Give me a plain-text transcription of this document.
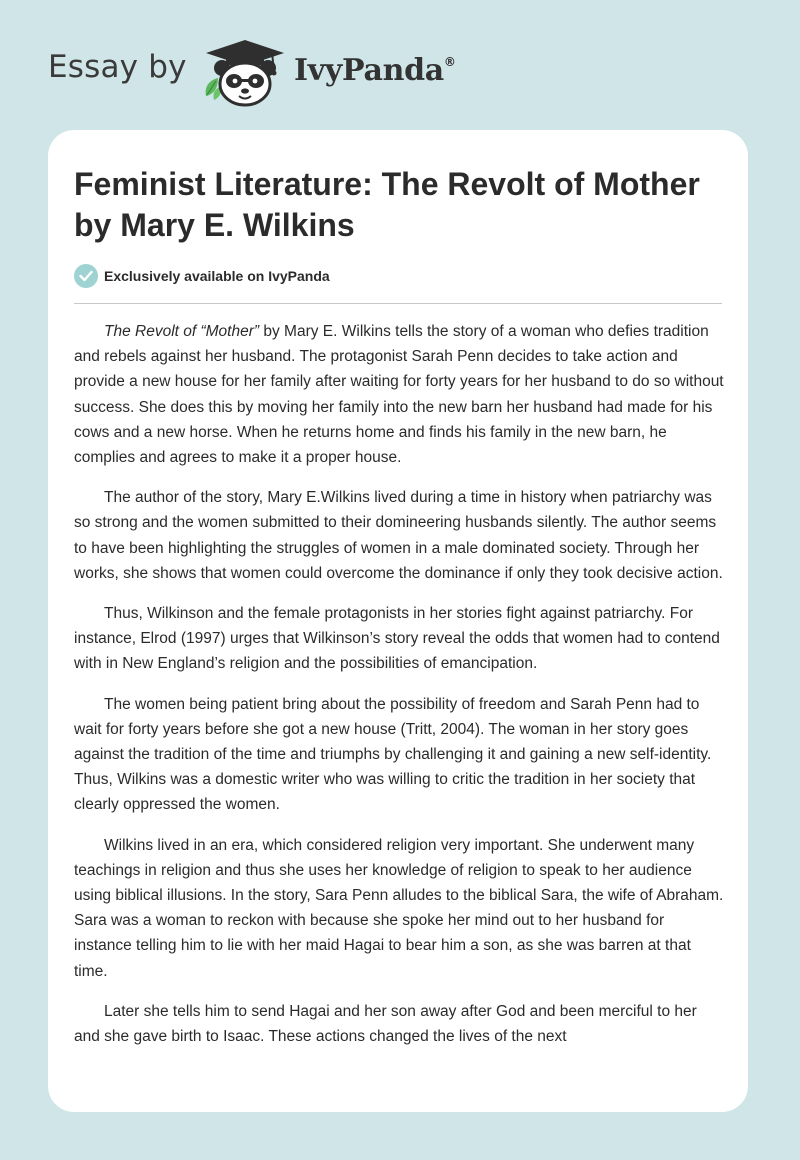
Essay by	IvyPanda®
Feminist Literature: The Revolt of Mother by Mary E. Wilkins
Exclusively available on IvyPanda

The Revolt of “Mother” by Mary E. Wilkins tells the story of a woman who defies tradition and rebels against her husband. The protagonist Sarah Penn decides to take action and provide a new house for her family after waiting for forty years for her husband to do so without success. She does this by moving her family into the new barn her husband had made for his cows and a new horse. When he returns home and finds his family in the new barn, he complies and agrees to make it a proper house.

The author of the story, Mary E.Wilkins lived during a time in history when patriarchy was so strong and the women submitted to their domineering husbands silently. The author seems to have been highlighting the struggles of women in a male dominated society. Through her works, she shows that women could overcome the dominance if only they took decisive action.

Thus, Wilkinson and the female protagonists in her stories fight against patriarchy. For instance, Elrod (1997) urges that Wilkinson’s story reveal the odds that women had to contend with in New England’s religion and the possibilities of emancipation.

The women being patient bring about the possibility of freedom and Sarah Penn had to wait for forty years before she got a new house (Tritt, 2004). The woman in her story goes against the tradition of the time and triumphs by challenging it and gaining a new self-identity. Thus, Wilkins was a domestic writer who was willing to critic the tradition in her society that clearly oppressed the women.

Wilkins lived in an era, which considered religion very important. She underwent many teachings in religion and thus she uses her knowledge of religion to speak to her audience using biblical illusions. In the story, Sara Penn alludes to the biblical Sara, the wife of Abraham. Sara was a woman to reckon with because she spoke her mind out to her husband for instance telling him to lie with her maid Hagai to bear him a son, as she was barren at that time.

Later she tells him to send Hagai and her son away after God and been merciful to her and she gave birth to Isaac. These actions changed the lives of the next
